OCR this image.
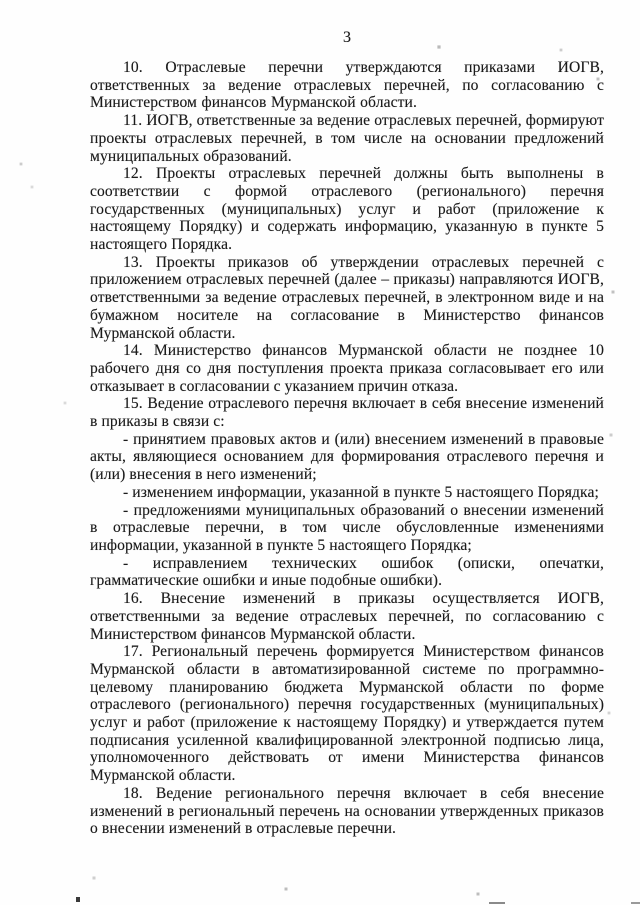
3

10. Отраслевые перечни утверждаются приказами ИОГВ, ответственных за ведение отраслевых перечней, по согласованию с Министерством финансов Мурманской области.

11. ИОГВ, ответственные за ведение отраслевых перечней, формируют проекты отраслевых перечней, в том числе на основании предложений муниципальных образований.

12. Проекты отраслевых перечней должны быть выполнены в соответствии с формой отраслевого (регионального) перечня государственных (муниципальных) услуг и работ (приложение к настоящему Порядку) и содержать информацию, указанную в пункте 5 настоящего Порядка.

13. Проекты приказов об утверждении отраслевых перечней с приложением отраслевых перечней (далее – приказы) направляются ИОГВ, ответственными за ведение отраслевых перечней, в электронном виде и на бумажном носителе на согласование в Министерство финансов Мурманской области.

14. Министерство финансов Мурманской области не позднее 10 рабочего дня со дня поступления проекта приказа согласовывает его или отказывает в согласовании с указанием причин отказа.

15. Ведение отраслевого перечня включает в себя внесение изменений в приказы в связи с:

- принятием правовых актов и (или) внесением изменений в правовые акты, являющиеся основанием для формирования отраслевого перечня и (или) внесения в него изменений;

- изменением информации, указанной в пункте 5 настоящего Порядка;

- предложениями муниципальных образований о внесении изменений в отраслевые перечни, в том числе обусловленные изменениями информации, указанной в пункте 5 настоящего Порядка;

- исправлением технических ошибок (описки, опечатки, грамматические ошибки и иные подобные ошибки).

16. Внесение изменений в приказы осуществляется ИОГВ, ответственными за ведение отраслевых перечней, по согласованию с Министерством финансов Мурманской области.

17. Региональный перечень формируется Министерством финансов Мурманской области в автоматизированной системе по программно-целевому планированию бюджета Мурманской области по форме отраслевого (регионального) перечня государственных (муниципальных) услуг и работ (приложение к настоящему Порядку) и утверждается путем подписания усиленной квалифицированной электронной подписью лица, уполномоченного действовать от имени Министерства финансов Мурманской области.

18. Ведение регионального перечня включает в себя внесение изменений в региональный перечень на основании утвержденных приказов о внесении изменений в отраслевые перечни.
